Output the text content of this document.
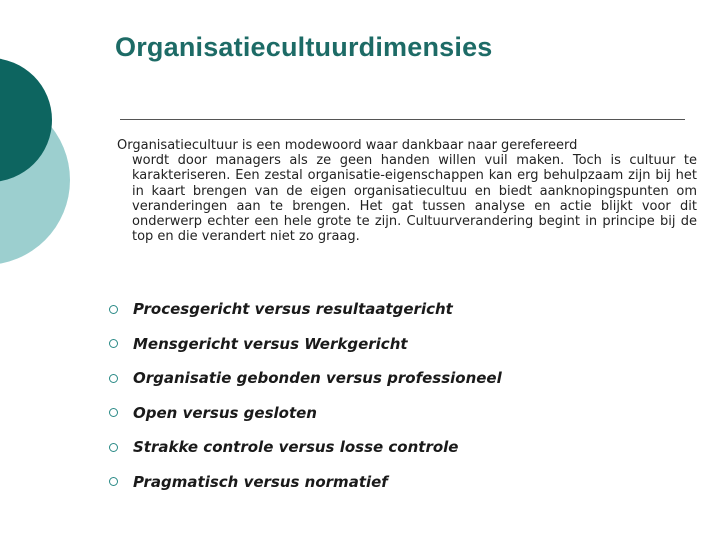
Organisatiecultuurdimensies

Organisatiecultuur is een modewoord waar dankbaar naar gerefereerd
wordt door managers als ze geen handen willen vuil maken. Toch is cultuur te karakteriseren. Een zestal organisatie-eigenschappen kan erg behulpzaam zijn bij het in kaart brengen van de eigen organisatiecultuu en biedt aanknopingspunten om veranderingen aan te brengen. Het gat tussen analyse en actie blijkt voor dit onderwerp echter een hele grote te zijn. Cultuurverandering begint in principe bij de top en die verandert niet zo graag.

Procesgericht versus resultaatgericht
Mensgericht versus Werkgericht
Organisatie gebonden versus professioneel
Open versus gesloten
Strakke controle versus losse controle
Pragmatisch versus normatief
